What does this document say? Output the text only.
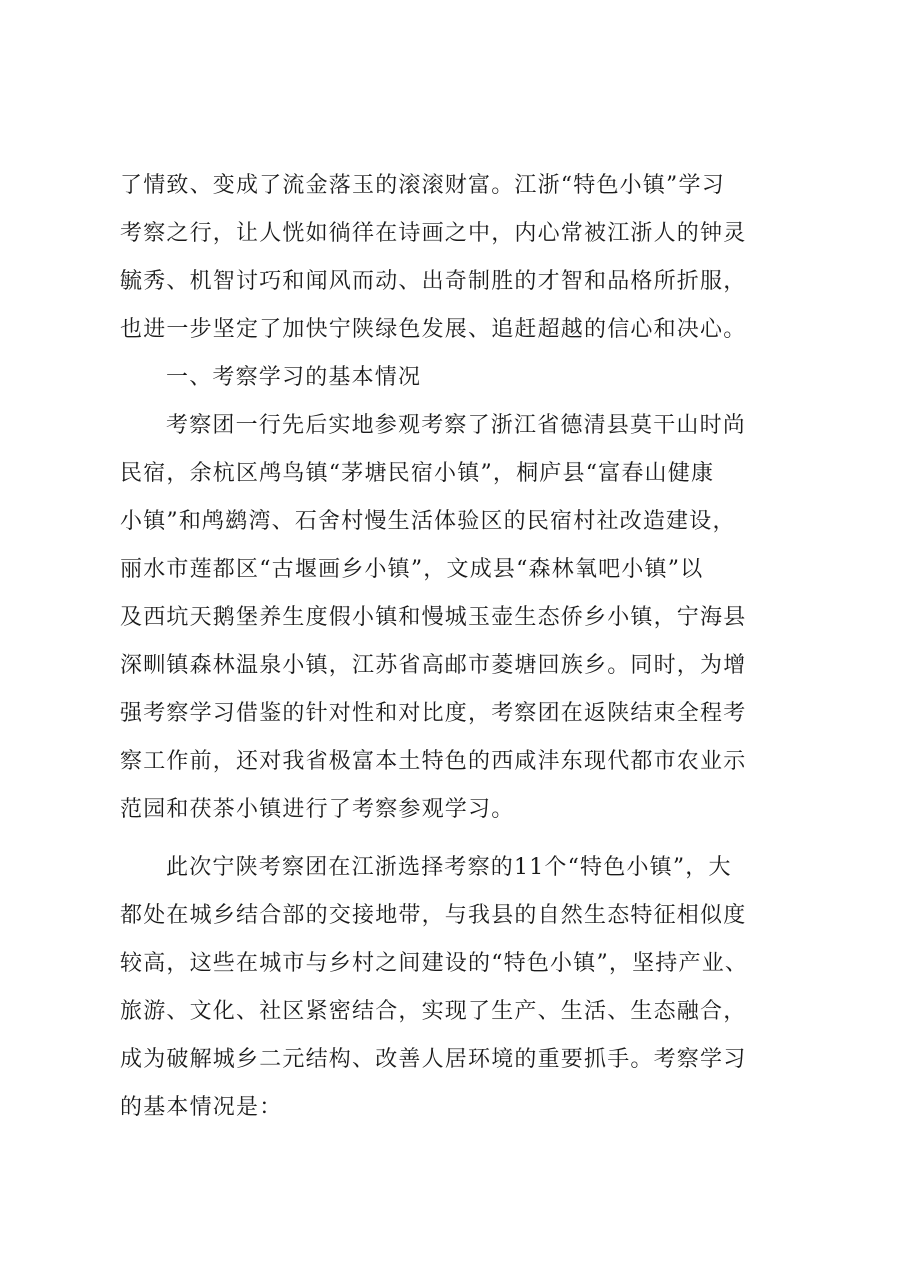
了情致、变成了流金落玉的滚滚财富。江浙“特色小镇”学习
考察之行，让人恍如徜徉在诗画之中，内心常被江浙人的钟灵
毓秀、机智讨巧和闻风而动、出奇制胜的才智和品格所折服，
也进一步坚定了加快宁陕绿色发展、追赶超越的信心和决心。
一、考察学习的基本情况
考察团一行先后实地参观考察了浙江省德清县莫干山时尚
民宿，余杭区鸬鸟镇“茅塘民宿小镇”，桐庐县“富春山健康
小镇”和鸬鹚湾、石舍村慢生活体验区的民宿村社改造建设，
丽水市莲都区“古堰画乡小镇”，文成县“森林氧吧小镇”以
及西坑天鹅堡养生度假小镇和慢城玉壶生态侨乡小镇，宁海县
深甽镇森林温泉小镇，江苏省高邮市菱塘回族乡。同时，为增
强考察学习借鉴的针对性和对比度，考察团在返陕结束全程考
察工作前，还对我省极富本土特色的西咸沣东现代都市农业示
范园和茯茶小镇进行了考察参观学习。
此次宁陕考察团在江浙选择考察的11个“特色小镇”，大
都处在城乡结合部的交接地带，与我县的自然生态特征相似度
较高，这些在城市与乡村之间建设的“特色小镇”，坚持产业、
旅游、文化、社区紧密结合，实现了生产、生活、生态融合，
成为破解城乡二元结构、改善人居环境的重要抓手。考察学习
的基本情况是：
